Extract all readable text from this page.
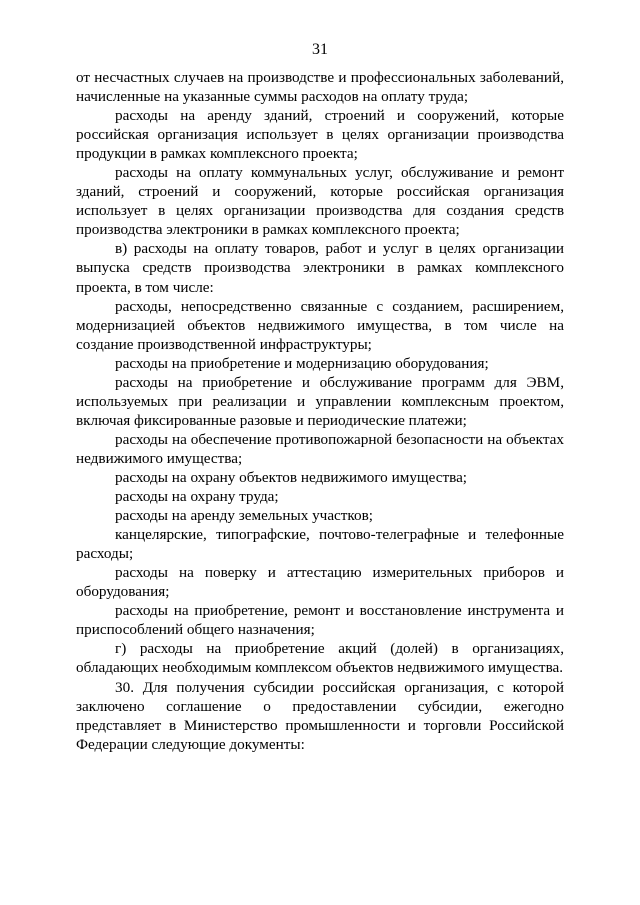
31

от несчастных случаев на производстве и профессиональных заболеваний, начисленные на указанные суммы расходов на оплату труда;

расходы на аренду зданий, строений и сооружений, которые российская организация использует в целях организации производства продукции в рамках комплексного проекта;

расходы на оплату коммунальных услуг, обслуживание и ремонт зданий, строений и сооружений, которые российская организация использует в целях организации производства для создания средств производства электроники в рамках комплексного проекта;

в) расходы на оплату товаров, работ и услуг в целях организации выпуска средств производства электроники в рамках комплексного проекта, в том числе:

расходы, непосредственно связанные с созданием, расширением, модернизацией объектов недвижимого имущества, в том числе на создание производственной инфраструктуры;

расходы на приобретение и модернизацию оборудования;

расходы на приобретение и обслуживание программ для ЭВМ, используемых при реализации и управлении комплексным проектом, включая фиксированные разовые и периодические платежи;

расходы на обеспечение противопожарной безопасности на объектах недвижимого имущества;

расходы на охрану объектов недвижимого имущества;

расходы на охрану труда;

расходы на аренду земельных участков;

канцелярские, типографские, почтово-телеграфные и телефонные расходы;

расходы на поверку и аттестацию измерительных приборов и оборудования;

расходы на приобретение, ремонт и восстановление инструмента и приспособлений общего назначения;

г) расходы на приобретение акций (долей) в организациях, обладающих необходимым комплексом объектов недвижимого имущества.

30. Для получения субсидии российская организация, с которой заключено соглашение о предоставлении субсидии, ежегодно представляет в Министерство промышленности и торговли Российской Федерации следующие документы:
